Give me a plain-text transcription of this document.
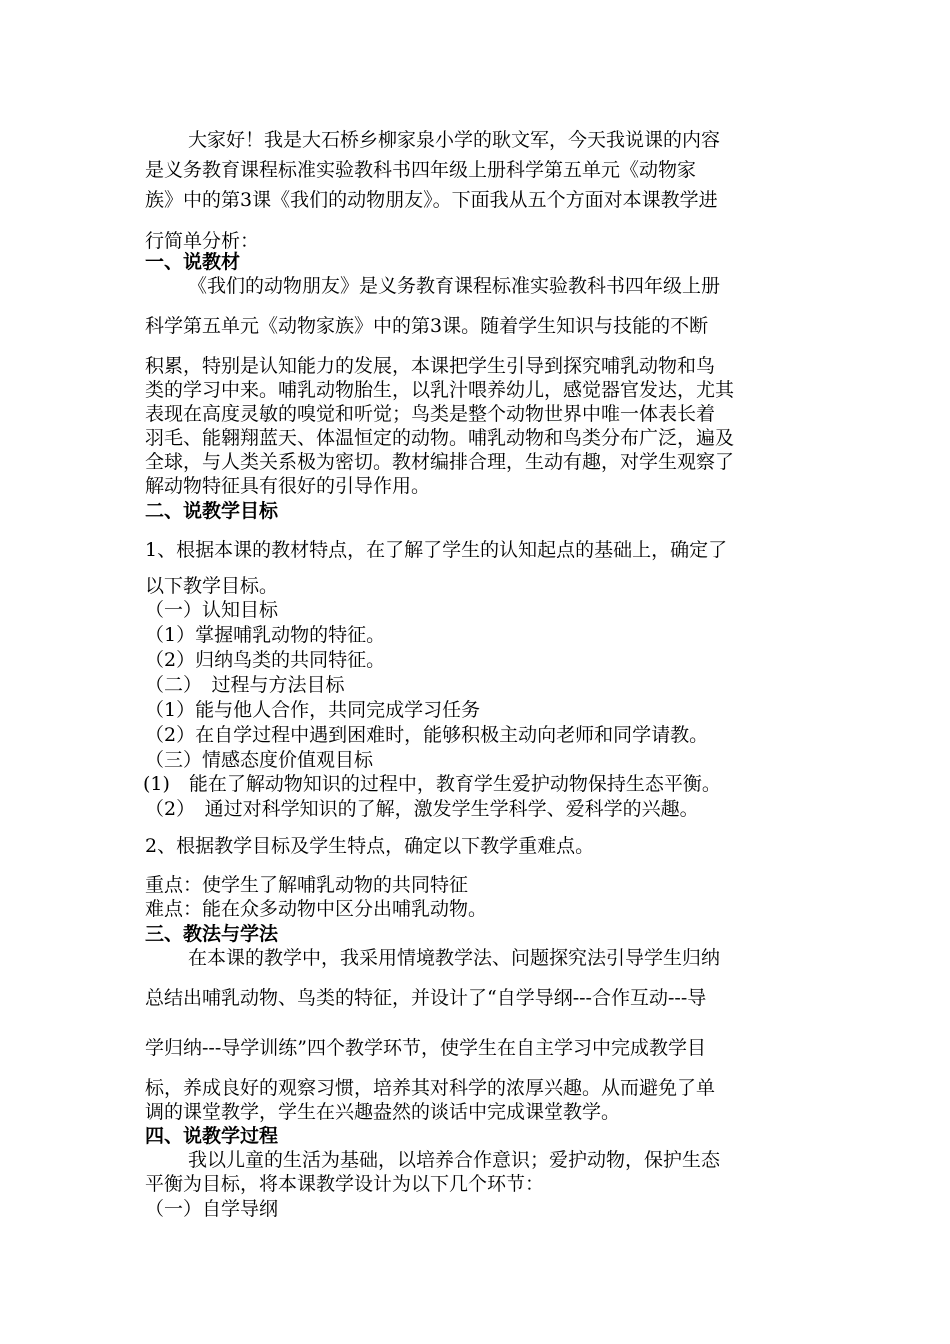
大家好！我是大石桥乡柳家泉小学的耿文军，今天我说课的内容
是义务教育课程标准实验教科书四年级上册科学第五单元《动物家
族》中的第3课《我们的动物朋友》。下面我从五个方面对本课教学进
行简单分析：
一、说教材
《我们的动物朋友》是义务教育课程标准实验教科书四年级上册
科学第五单元《动物家族》中的第3课。随着学生知识与技能的不断
积累，特别是认知能力的发展，本课把学生引导到探究哺乳动物和鸟
类的学习中来。哺乳动物胎生，以乳汁喂养幼儿，感觉器官发达，尤其
表现在高度灵敏的嗅觉和听觉；鸟类是整个动物世界中唯一体表长着
羽毛、能翱翔蓝天、体温恒定的动物。哺乳动物和鸟类分布广泛，遍及
全球，与人类关系极为密切。教材编排合理，生动有趣，对学生观察了
解动物特征具有很好的引导作用。
二、说教学目标
1、根据本课的教材特点，在了解了学生的认知起点的基础上，确定了
以下教学目标。
（一）认知目标
（1）掌握哺乳动物的特征。
（2）归纳鸟类的共同特征。
（二）　过程与方法目标
（1）能与他人合作，共同完成学习任务
（2）在自学过程中遇到困难时，能够积极主动向老师和同学请教。
（三）情感态度价值观目标
(1)　能在了解动物知识的过程中，教育学生爱护动物保持生态平衡。
（2）　通过对科学知识的了解，激发学生学科学、爱科学的兴趣。
2、根据教学目标及学生特点，确定以下教学重难点。
重点：使学生了解哺乳动物的共同特征
难点：能在众多动物中区分出哺乳动物。
三、教法与学法
在本课的教学中，我采用情境教学法、问题探究法引导学生归纳
总结出哺乳动物、鸟类的特征，并设计了“自学导纲---合作互动---导
学归纳---导学训练”四个教学环节，使学生在自主学习中完成教学目
标，养成良好的观察习惯，培养其对科学的浓厚兴趣。从而避免了单
调的课堂教学，学生在兴趣盎然的谈话中完成课堂教学。
四、说教学过程
我以儿童的生活为基础，以培养合作意识；爱护动物，保护生态
平衡为目标，将本课教学设计为以下几个环节：
（一）自学导纲
